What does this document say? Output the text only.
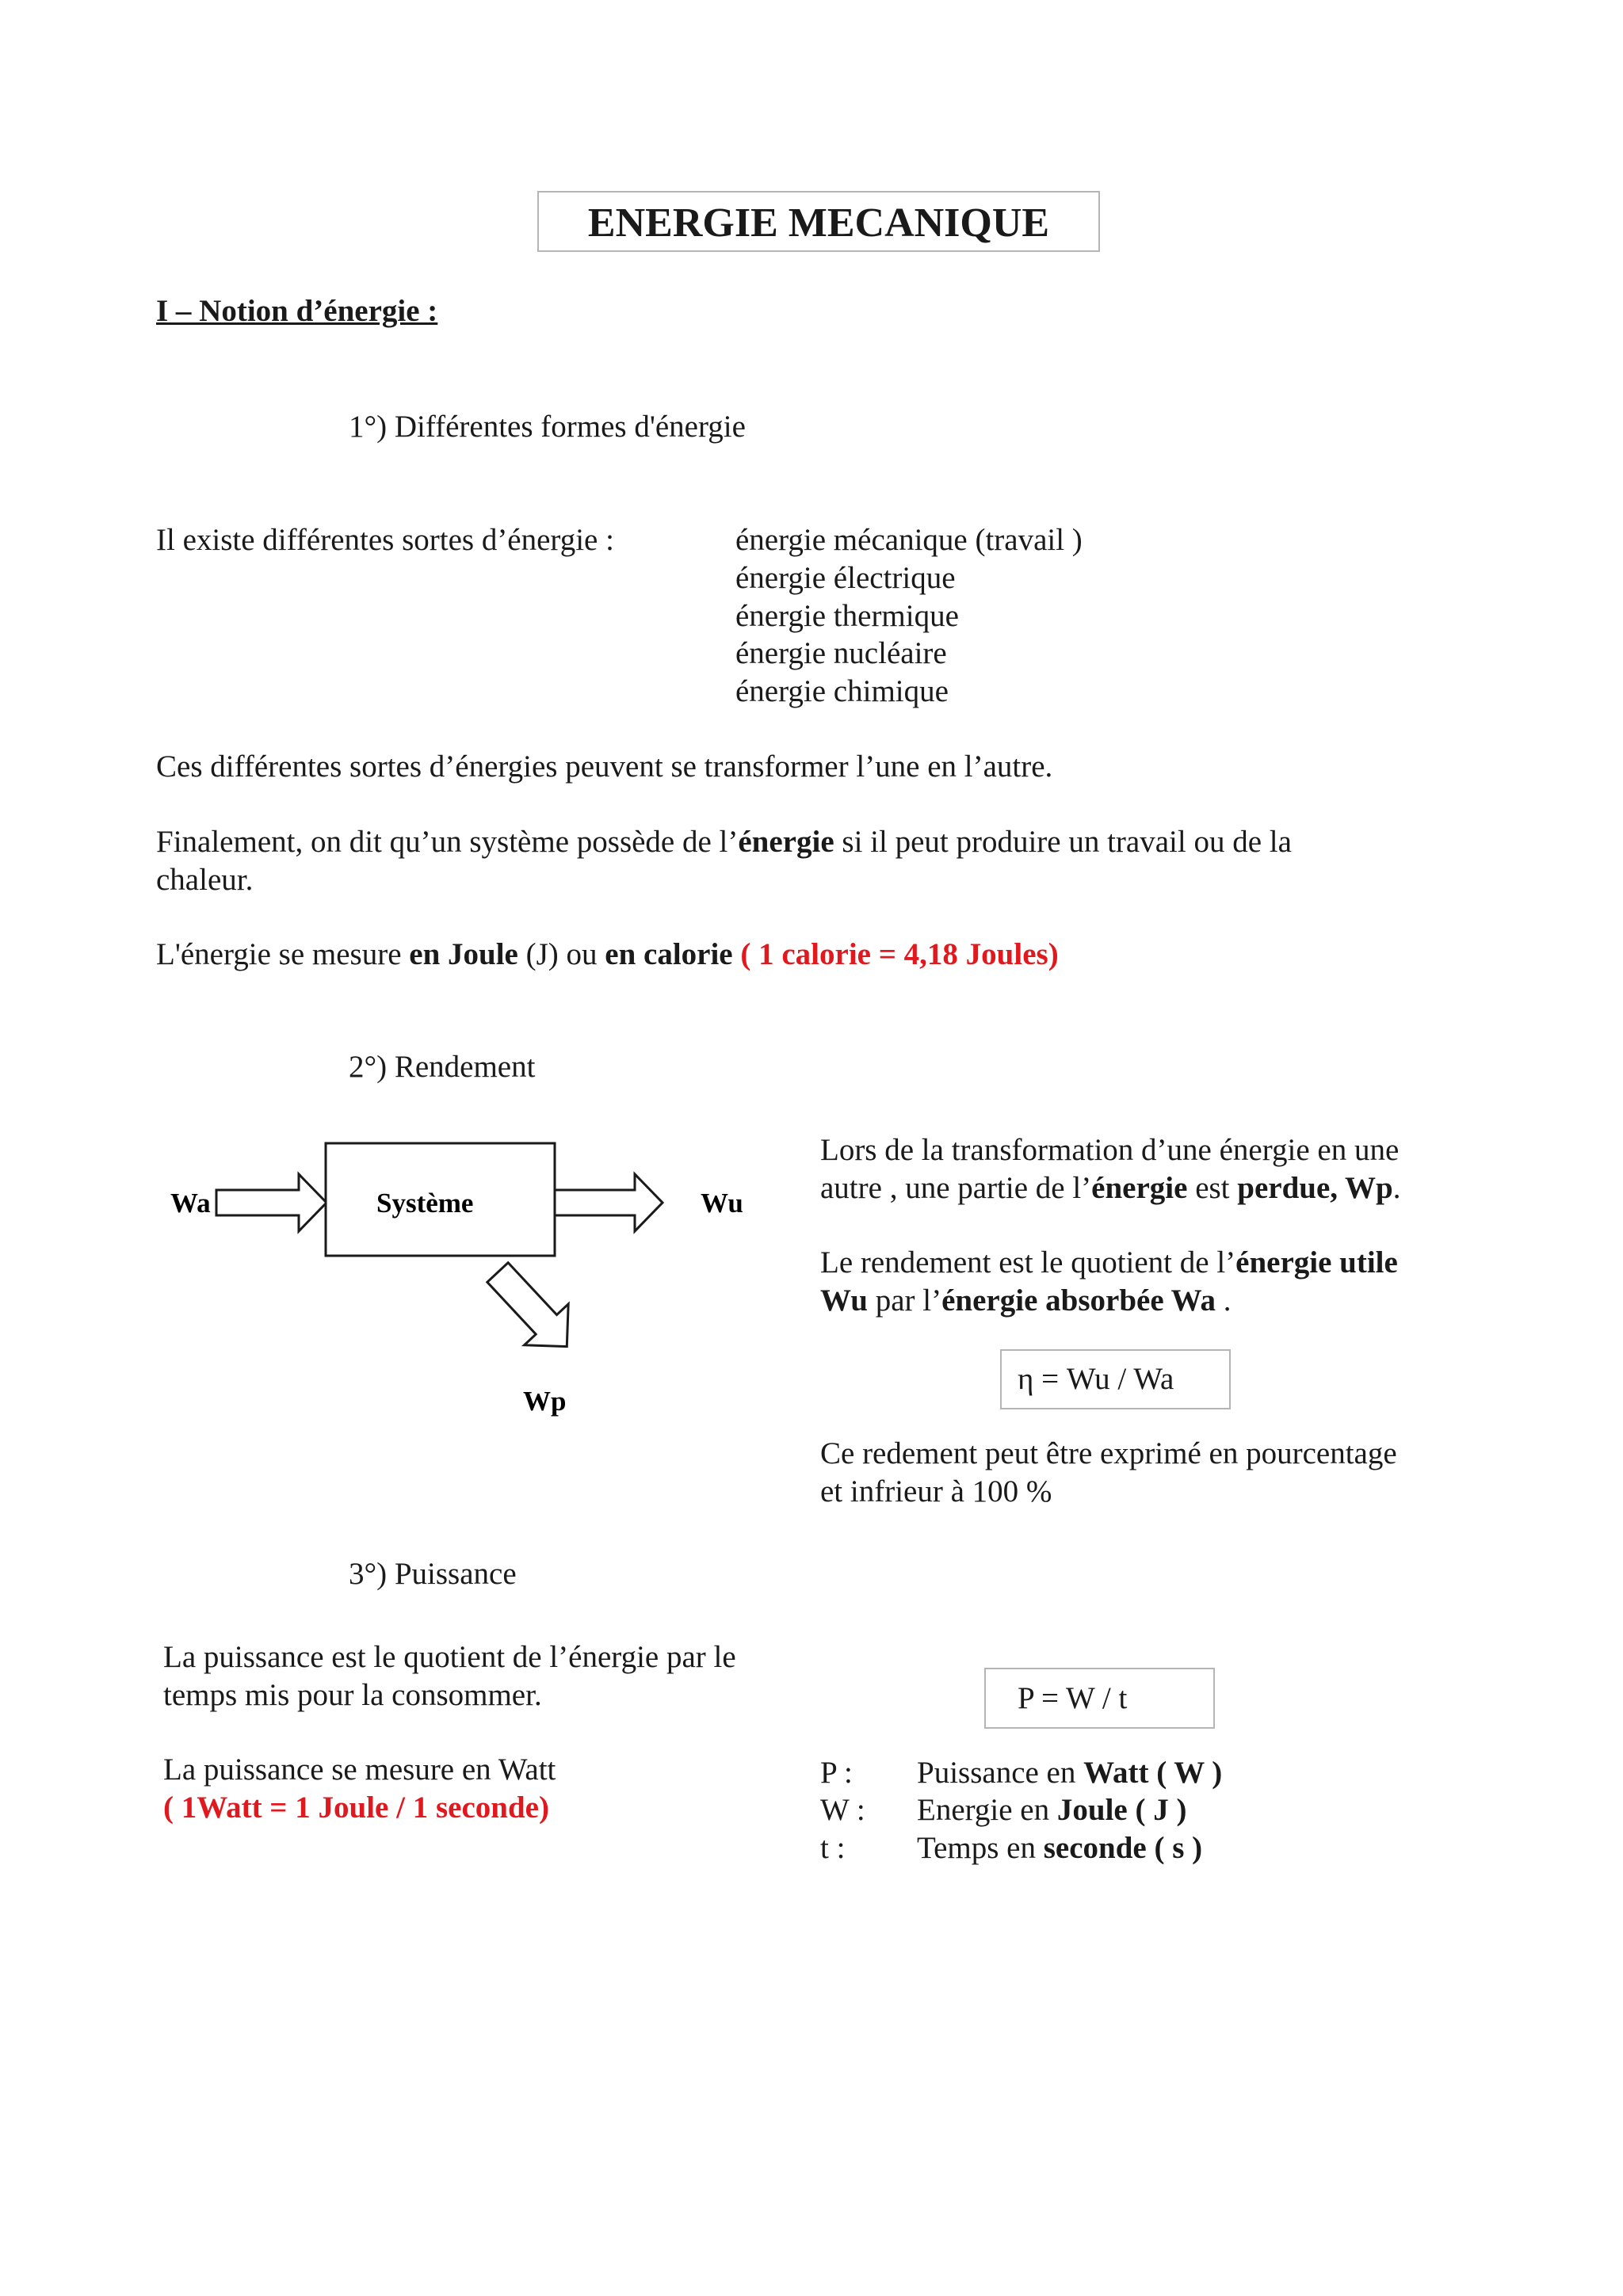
ENERGIE MECANIQUE
I – Notion d’énergie :
1°) Différentes formes d'énergie
Il existe différentes sortes d’énergie :	énergie mécanique (travail )
énergie électrique
énergie thermique
énergie nucléaire
énergie chimique
Ces différentes sortes d’énergies peuvent se transformer l’une en l’autre.
Finalement, on dit qu’un système possède de l’énergie si il peut produire un travail ou de la
chaleur.
L'énergie se mesure en Joule (J) ou en calorie ( 1 calorie = 4,18 Joules)
2°) Rendement
Wa	Système	Wu
Wp
Lors de la transformation d’une énergie en une
autre , une partie de l’énergie est perdue, Wp.
Le rendement est le quotient de l’énergie utile
Wu par l’énergie absorbée Wa .
η = Wu / Wa
Ce redement peut être exprimé en pourcentage
et infrieur à 100 %
3°) Puissance
La puissance est le quotient de l’énergie par le
temps mis pour la consommer.
La puissance se mesure en Watt
( 1Watt = 1 Joule / 1 seconde)
P = W / t
P : Puissance en Watt ( W )
W : Energie en Joule ( J )
t : Temps en seconde ( s )
